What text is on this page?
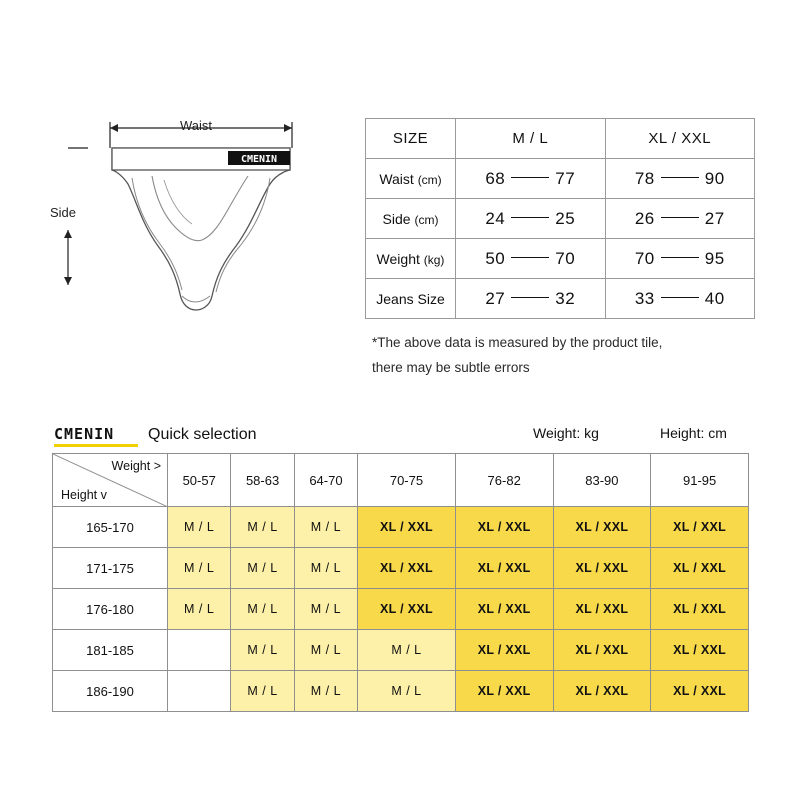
Waist
Side
CMENIN
SIZE	M / L	XL / XXL
Waist (cm)	68 77	78 90
Side (cm)	24 25	26 27
Weight (kg)	50 70	70 95
Jeans Size	27 32	33 40
*The above data is measured by the product tile,
there may be subtle errors
CMENIN Quick selection	Weight: kg	Height: cm
Weight >
Height v	50-57	58-63	64-70	70-75	76-82	83-90	91-95
165-170	M / L	M / L	M / L	XL / XXL	XL / XXL	XL / XXL	XL / XXL
171-175	M / L	M / L	M / L	XL / XXL	XL / XXL	XL / XXL	XL / XXL
176-180	M / L	M / L	M / L	XL / XXL	XL / XXL	XL / XXL	XL / XXL
181-185		M / L	M / L	M / L	XL / XXL	XL / XXL	XL / XXL
186-190		M / L	M / L	M / L	XL / XXL	XL / XXL	XL / XXL
